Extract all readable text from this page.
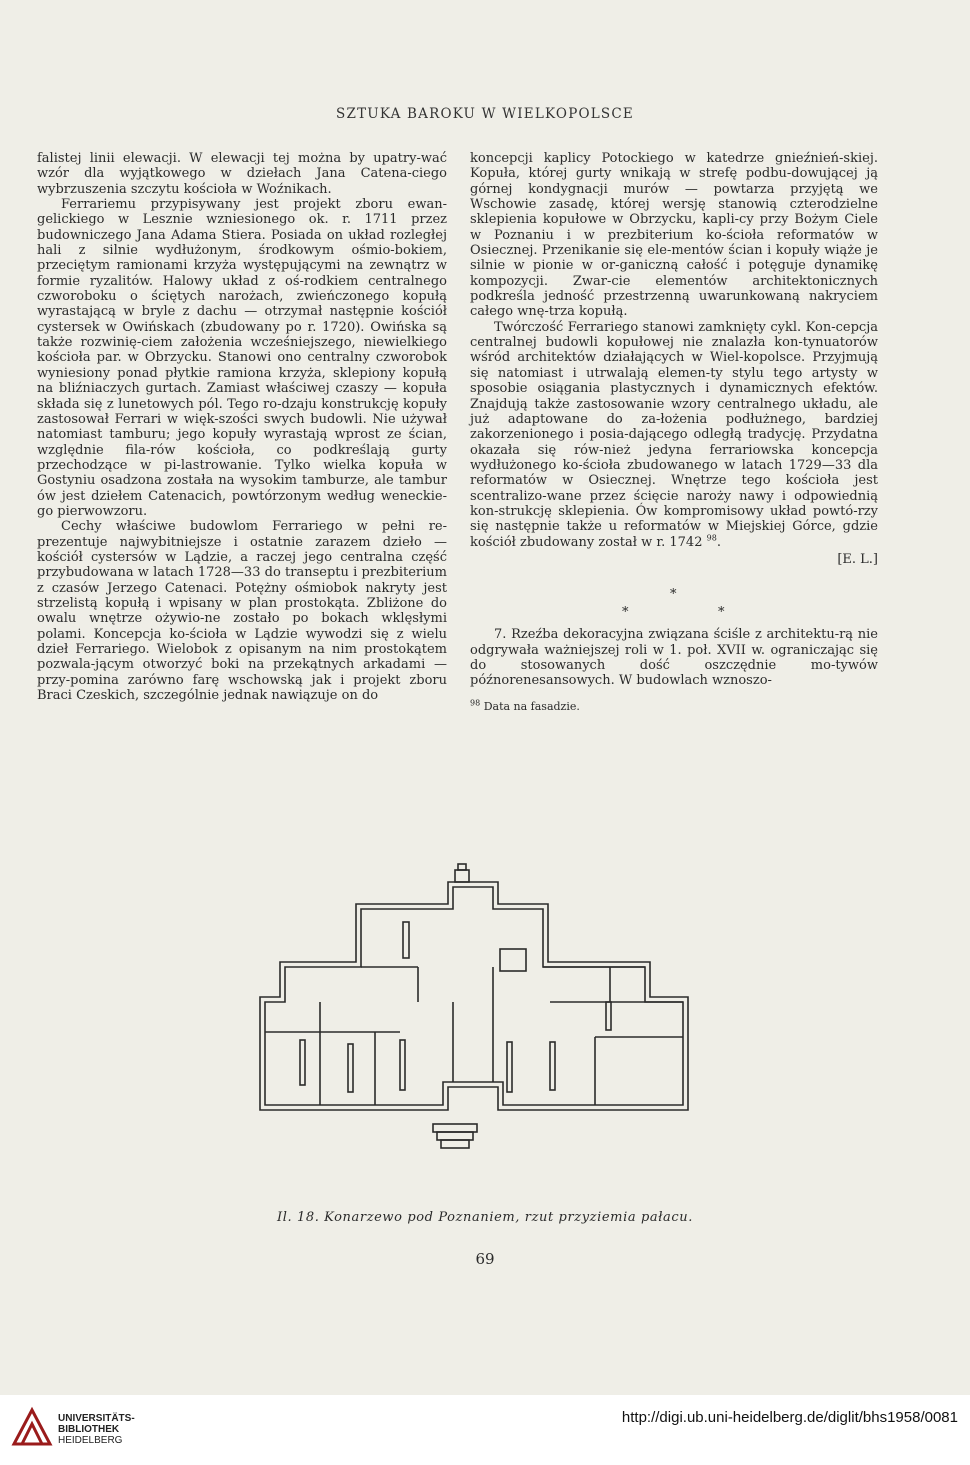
SZTUKA BAROKU W WIELKOPOLSCE

falistej linii elewacji. W elewacji tej można by upatry-wać wzór dla wyjątkowego w dziełach Jana Catena-ciego wybrzuszenia szczytu kościoła w Woźnikach.

Ferrariemu przypisywany jest projekt zboru ewan-gelickiego w Lesznie wzniesionego ok. r. 1711 przez budowniczego Jana Adama Stiera. Posiada on układ rozległej hali z silnie wydłużonym, środkowym ośmio-bokiem, przeciętym ramionami krzyża występującymi na zewnątrz w formie ryzalitów. Halowy układ z oś-rodkiem centralnego czworoboku o ściętych narożach, zwieńczonego kopułą wyrastającą w bryle z dachu — otrzymał następnie kościół cystersek w Owińskach (zbudowany po r. 1720). Owińska są także rozwinię-ciem założenia wcześniejszego, niewielkiego kościoła par. w Obrzycku. Stanowi ono centralny czworobok wyniesiony ponad płytkie ramiona krzyża, sklepiony kopułą na bliźniaczych gurtach. Zamiast właściwej czaszy — kopuła składa się z lunetowych pól. Tego ro-dzaju konstrukcję kopuły zastosował Ferrari w więk-szości swych budowli. Nie używał natomiast tamburu; jego kopuły wyrastają wprost ze ścian, względnie fila-rów kościoła, co podkreślają gurty przechodzące w pi-lastrowanie. Tylko wielka kopuła w Gostyniu osadzona została na wysokim tamburze, ale tambur ów jest dziełem Catenacich, powtórzonym według weneckie-go pierwowzoru.

Cechy właściwe budowlom Ferrariego w pełni re-prezentuje najwybitniejsze i ostatnie zarazem dzieło — kościół cystersów w Lądzie, a raczej jego centralna część przybudowana w latach 1728—33 do transeptu i prezbiterium z czasów Jerzego Catenaci. Potężny ośmiobok nakryty jest strzelistą kopułą i wpisany w plan prostokąta. Zbliżone do owalu wnętrze ożywio-ne zostało po bokach wklęsłymi polami. Koncepcja ko-ścioła w Lądzie wywodzi się z wielu dzieł Ferrariego. Wielobok z opisanym na nim prostokątem pozwala-jącym otworzyć boki na przekątnych arkadami — przy-pomina zarówno farę wschowską jak i projekt zboru Braci Czeskich, szczególnie jednak nawiązuje on do

koncepcji kaplicy Potockiego w katedrze gnieźnień-skiej. Kopuła, której gurty wnikają w strefę podbu-dowującej ją górnej kondygnacji murów — powtarza przyjętą we Wschowie zasadę, której wersję stanowią czterodzielne sklepienia kopułowe w Obrzycku, kapli-cy przy Bożym Ciele w Poznaniu i w prezbiterium ko-ścioła reformatów w Osiecznej. Przenikanie się ele-mentów ścian i kopuły wiąże je silnie w pionie w or-ganiczną całość i potęguje dynamikę kompozycji. Zwar-cie elementów architektonicznych podkreśla jedność przestrzenną uwarunkowaną nakryciem całego wnę-trza kopułą.

Twórczość Ferrariego stanowi zamknięty cykl. Kon-cepcja centralnej budowli kopułowej nie znalazła kon-tynuatorów wśród architektów działających w Wiel-kopolsce. Przyjmują się natomiast i utrwalają elemen-ty stylu tego artysty w sposobie osiągania plastycznych i dynamicznych efektów. Znajdują także zastosowanie wzory centralnego układu, ale już adaptowane do za-łożenia podłużnego, bardziej zakorzenionego i posia-dającego odległą tradycję. Przydatna okazała się rów-nież jedyna ferrariowska koncepcja wydłużonego ko-ścioła zbudowanego w latach 1729—33 dla reformatów w Osiecznej. Wnętrze tego kościoła jest scentralizo-wane przez ścięcie naroży nawy i odpowiednią kon-strukcję sklepienia. Ów kompromisowy układ powtó-rzy się następnie także u reformatów w Miejskiej Górce, gdzie kościół zbudowany został w r. 1742 $^{98}$.

[E. L.]

*
*	*

7. Rzeźba dekoracyjna związana ściśle z architektu-rą nie odgrywała ważniejszej roli w 1. poł. XVII w. ograniczając się do stosowanych dość oszczędnie mo-tywów późnorenesansowych. W budowlach wznoszo-

$^{98}$ Data na fasadzie.

Il. 18. Konarzewo pod Poznaniem, rzut przyziemia pałacu.
69
UNIVERSITÄTS-
BIBLIOTHEK
HEIDELBERG
http://digi.ub.uni-heidelberg.de/diglit/bhs1958/0081
